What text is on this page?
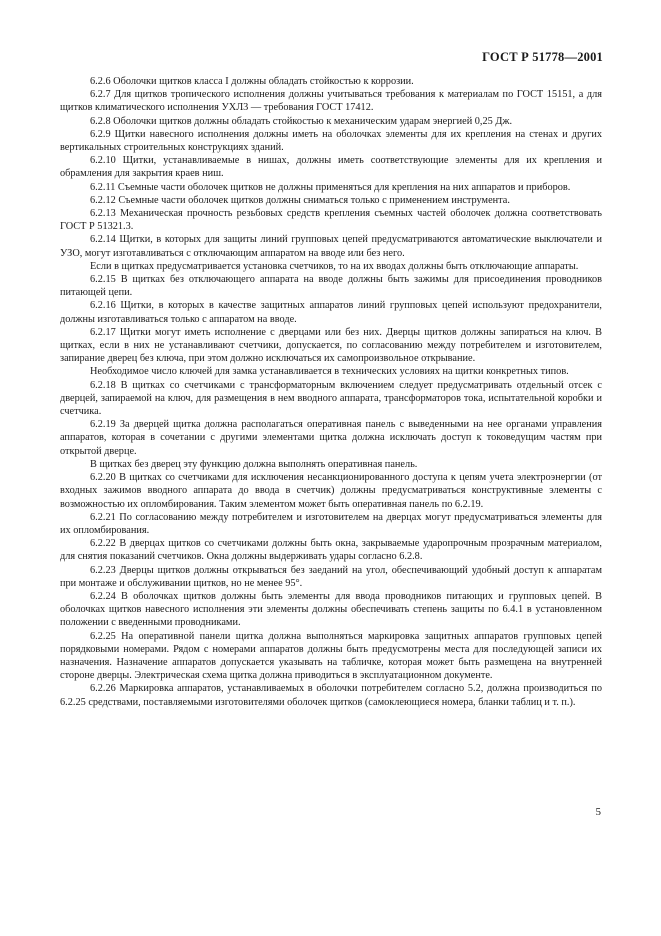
ГОСТ Р 51778—2001

6.2.6 Оболочки щитков класса I должны обладать стойкостью к коррозии.

6.2.7 Для щитков тропического исполнения должны учитываться требования к материалам по ГОСТ 15151, а для щитков климатического исполнения УХЛ3 — требования ГОСТ 17412.

6.2.8 Оболочки щитков должны обладать стойкостью к механическим ударам энергией 0,25 Дж.

6.2.9 Щитки навесного исполнения должны иметь на оболочках элементы для их крепления на стенах и других вертикальных строительных конструкциях зданий.

6.2.10 Щитки, устанавливаемые в нишах, должны иметь соответствующие элементы для их крепления и обрамления для закрытия краев ниш.

6.2.11 Съемные части оболочек щитков не должны применяться для крепления на них аппаратов и приборов.

6.2.12 Съемные части оболочек щитков должны сниматься только с применением инструмента.

6.2.13 Механическая прочность резьбовых средств крепления съемных частей оболочек должна соответствовать ГОСТ Р 51321.3.

6.2.14 Щитки, в которых для защиты линий групповых цепей предусматриваются автоматические выключатели и УЗО, могут изготавливаться с отключающим аппаратом на вводе или без него.

Если в щитках предусматривается установка счетчиков, то на их вводах должны быть отключающие аппараты.

6.2.15 В щитках без отключающего аппарата на вводе должны быть зажимы для присоединения проводников питающей цепи.

6.2.16 Щитки, в которых в качестве защитных аппаратов линий групповых цепей используют предохранители, должны изготавливаться только с аппаратом на вводе.

6.2.17 Щитки могут иметь исполнение с дверцами или без них. Дверцы щитков должны запираться на ключ. В щитках, если в них не устанавливают счетчики, допускается, по согласованию между потребителем и изготовителем, запирание дверец без ключа, при этом должно исключаться их самопроизвольное открывание.

Необходимое число ключей для замка устанавливается в технических условиях на щитки конкретных типов.

6.2.18 В щитках со счетчиками с трансформаторным включением следует предусматривать отдельный отсек с дверцей, запираемой на ключ, для размещения в нем вводного аппарата, трансформаторов тока, испытательной коробки и счетчика.

6.2.19 За дверцей щитка должна располагаться оперативная панель с выведенными на нее органами управления аппаратов, которая в сочетании с другими элементами щитка должна исключать доступ к токоведущим частям при открытой дверце.

В щитках без дверец эту функцию должна выполнять оперативная панель.

6.2.20 В щитках со счетчиками для исключения несанкционированного доступа к цепям учета электроэнергии (от входных зажимов вводного аппарата до ввода в счетчик) должны предусматриваться конструктивные элементы с возможностью их опломбирования. Таким элементом может быть оперативная панель по 6.2.19.

6.2.21 По согласованию между потребителем и изготовителем на дверцах могут предусматриваться элементы для их опломбирования.

6.2.22 В дверцах щитков со счетчиками должны быть окна, закрываемые ударопрочным прозрачным материалом, для снятия показаний счетчиков. Окна должны выдерживать удары согласно 6.2.8.

6.2.23 Дверцы щитков должны открываться без заеданий на угол, обеспечивающий удобный доступ к аппаратам при монтаже и обслуживании щитков, но не менее 95°.

6.2.24 В оболочках щитков должны быть элементы для ввода проводников питающих и групповых цепей. В оболочках щитков навесного исполнения эти элементы должны обеспечивать степень защиты по 6.4.1 в установленном положении с введенными проводниками.

6.2.25 На оперативной панели щитка должна выполняться маркировка защитных аппаратов групповых цепей порядковыми номерами. Рядом с номерами аппаратов должны быть предусмотрены места для последующей записи их назначения. Назначение аппаратов допускается указывать на табличке, которая может быть размещена на внутренней стороне дверцы. Электрическая схема щитка должна приводиться в эксплуатационном документе.

6.2.26 Маркировка аппаратов, устанавливаемых в оболочки потребителем согласно 5.2, должна производиться по 6.2.25 средствами, поставляемыми изготовителями оболочек щитков (самоклеющиеся номера, бланки таблиц и т. п.).

5
